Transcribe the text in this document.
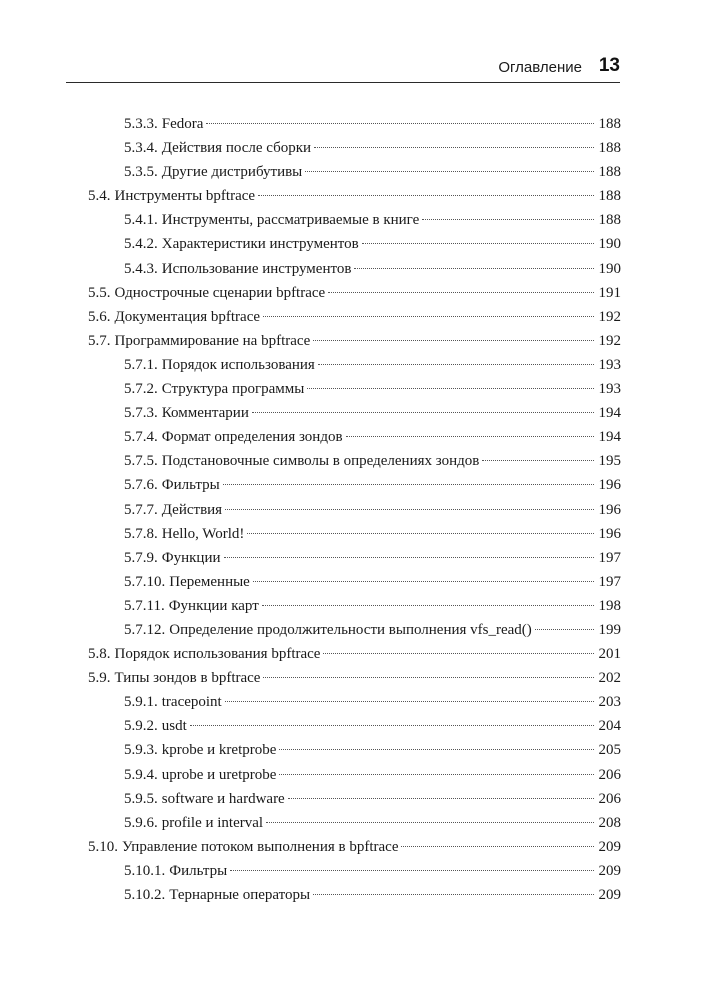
Оглавление 13
5.3.3. Fedora	188
5.3.4. Действия после сборки	188
5.3.5. Другие дистрибутивы	188
5.4. Инструменты bpftrace	188
5.4.1. Инструменты, рассматриваемые в книге	188
5.4.2. Характеристики инструментов	190
5.4.3. Использование инструментов	190
5.5. Однострочные сценарии bpftrace	191
5.6. Документация bpftrace	192
5.7. Программирование на bpftrace	192
5.7.1. Порядок использования	193
5.7.2. Структура программы	193
5.7.3. Комментарии	194
5.7.4. Формат определения зондов	194
5.7.5. Подстановочные символы в определениях зондов	195
5.7.6. Фильтры	196
5.7.7. Действия	196
5.7.8. Hello, World!	196
5.7.9. Функции	197
5.7.10. Переменные	197
5.7.11. Функции карт	198
5.7.12. Определение продолжительности выполнения vfs_read()	199
5.8. Порядок использования bpftrace	201
5.9. Типы зондов в bpftrace	202
5.9.1. tracepoint	203
5.9.2. usdt	204
5.9.3. kprobe и kretprobe	205
5.9.4. uprobe и uretprobe	206
5.9.5. software и hardware	206
5.9.6. profile и interval	208
5.10. Управление потоком выполнения в bpftrace	209
5.10.1. Фильтры	209
5.10.2. Тернарные операторы	209
